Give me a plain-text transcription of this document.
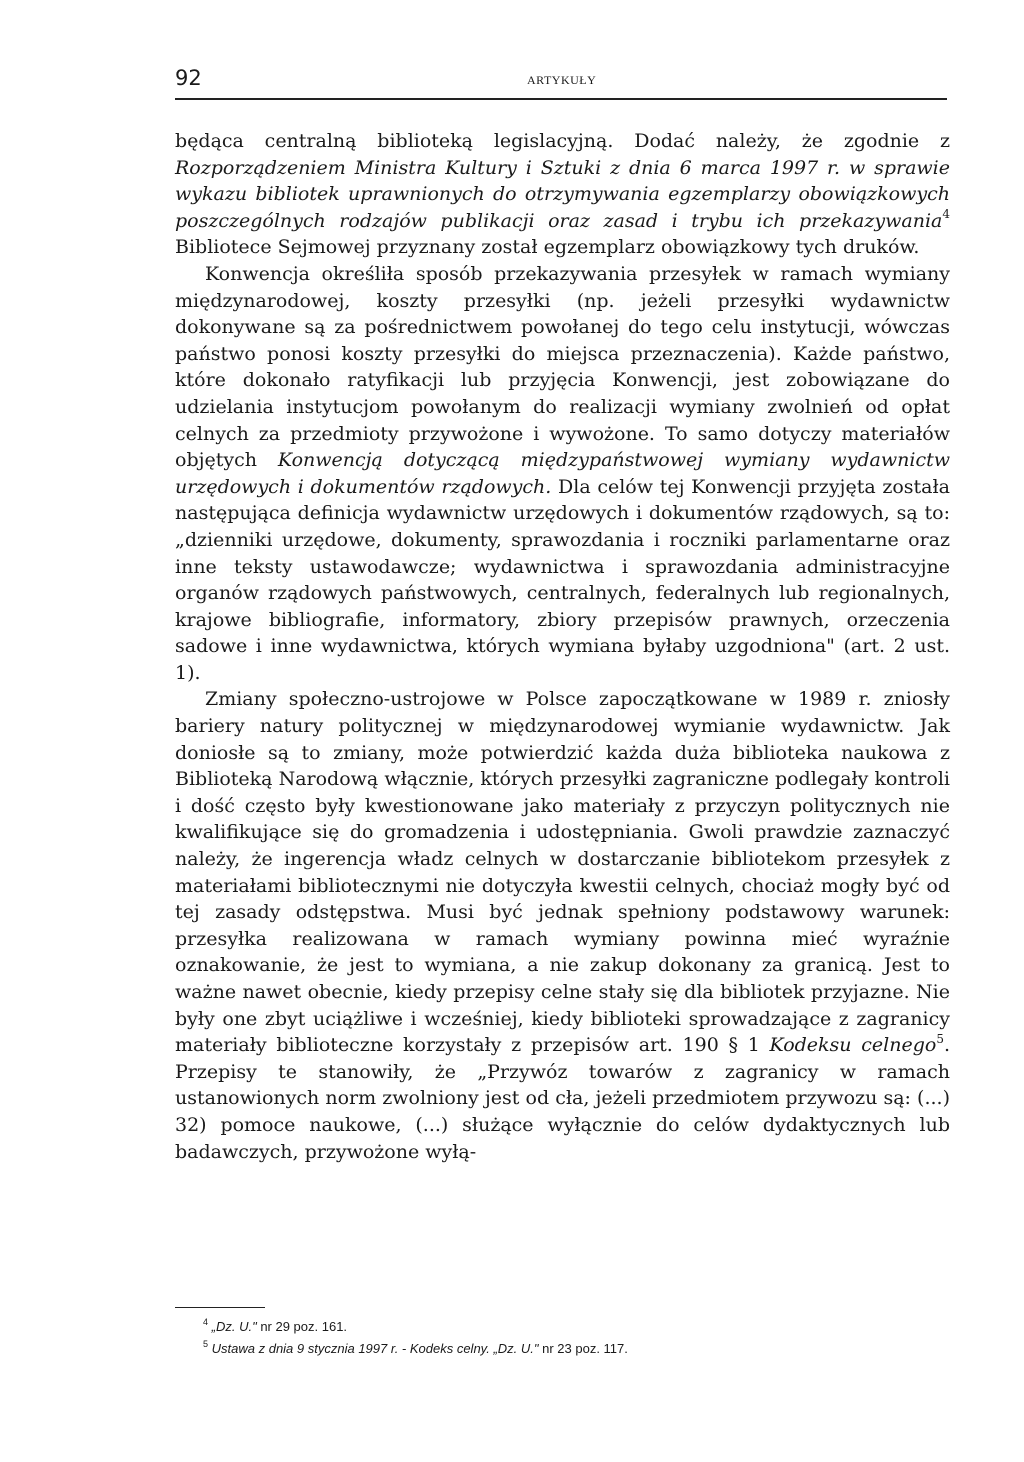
92	ARTYKUŁY

będąca centralną biblioteką legislacyjną. Dodać należy, że zgodnie z Rozporządzeniem Ministra Kultury i Sztuki z dnia 6 marca 1997 r. w sprawie wykazu bibliotek uprawnionych do otrzymywania egzemplarzy obowiązkowych poszczególnych rodzajów publikacji oraz zasad i trybu ich przekazywania$^4$ Bibliotece Sejmowej przyznany został egzemplarz obowiązkowy tych druków.

Konwencja określiła sposób przekazywania przesyłek w ramach wymiany międzynarodowej, koszty przesyłki (np. jeżeli przesyłki wydawnictw dokonywane są za pośrednictwem powołanej do tego celu instytucji, wówczas państwo ponosi koszty przesyłki do miejsca przeznaczenia). Każde państwo, które dokonało ratyfikacji lub przyjęcia Konwencji, jest zobowiązane do udzielania instytucjom powołanym do realizacji wymiany zwolnień od opłat celnych za przedmioty przywożone i wywożone. To samo dotyczy materiałów objętych Konwencją dotyczącą międzypaństwowej wymiany wydawnictw urzędowych i dokumentów rządowych. Dla celów tej Konwencji przyjęta została następująca definicja wydawnictw urzędowych i dokumentów rządowych, są to: „dzienniki urzędowe, dokumenty, sprawozdania i roczniki parlamentarne oraz inne teksty ustawodawcze; wydawnictwa i sprawozdania administracyjne organów rządowych państwowych, centralnych, federalnych lub regionalnych, krajowe bibliografie, informatory, zbiory przepisów prawnych, orzeczenia sadowe i inne wydawnictwa, których wymiana byłaby uzgodniona" (art. 2 ust. 1).

Zmiany społeczno-ustrojowe w Polsce zapoczątkowane w 1989 r. zniosły bariery natury politycznej w międzynarodowej wymianie wydawnictw. Jak doniosłe są to zmiany, może potwierdzić każda duża biblioteka naukowa z Biblioteką Narodową włącznie, których przesyłki zagraniczne podlegały kontroli i dość często były kwestionowane jako materiały z przyczyn politycznych nie kwalifikujące się do gromadzenia i udostępniania. Gwoli prawdzie zaznaczyć należy, że ingerencja władz celnych w dostarczanie bibliotekom przesyłek z materiałami bibliotecznymi nie dotyczyła kwestii celnych, chociaż mogły być od tej zasady odstępstwa. Musi być jednak spełniony podstawowy warunek: przesyłka realizowana w ramach wymiany powinna mieć wyraźnie oznakowanie, że jest to wymiana, a nie zakup dokonany za granicą. Jest to ważne nawet obecnie, kiedy przepisy celne stały się dla bibliotek przyjazne. Nie były one zbyt uciążliwe i wcześniej, kiedy biblioteki sprowadzające z zagranicy materiały biblioteczne korzystały z przepisów art. 190 § 1 Kodeksu celnego$^5$. Przepisy te stanowiły, że „Przywóz towarów z zagranicy w ramach ustanowionych norm zwolniony jest od cła, jeżeli przedmiotem przywozu są: (...) 32) pomoce naukowe, (...) służące wyłącznie do celów dydaktycznych lub badawczych, przywożone wyłą-

$^4$ „Dz. U." nr 29 poz. 161.

$^5$ Ustawa z dnia 9 stycznia 1997 r. - Kodeks celny. „Dz. U." nr 23 poz. 117.
